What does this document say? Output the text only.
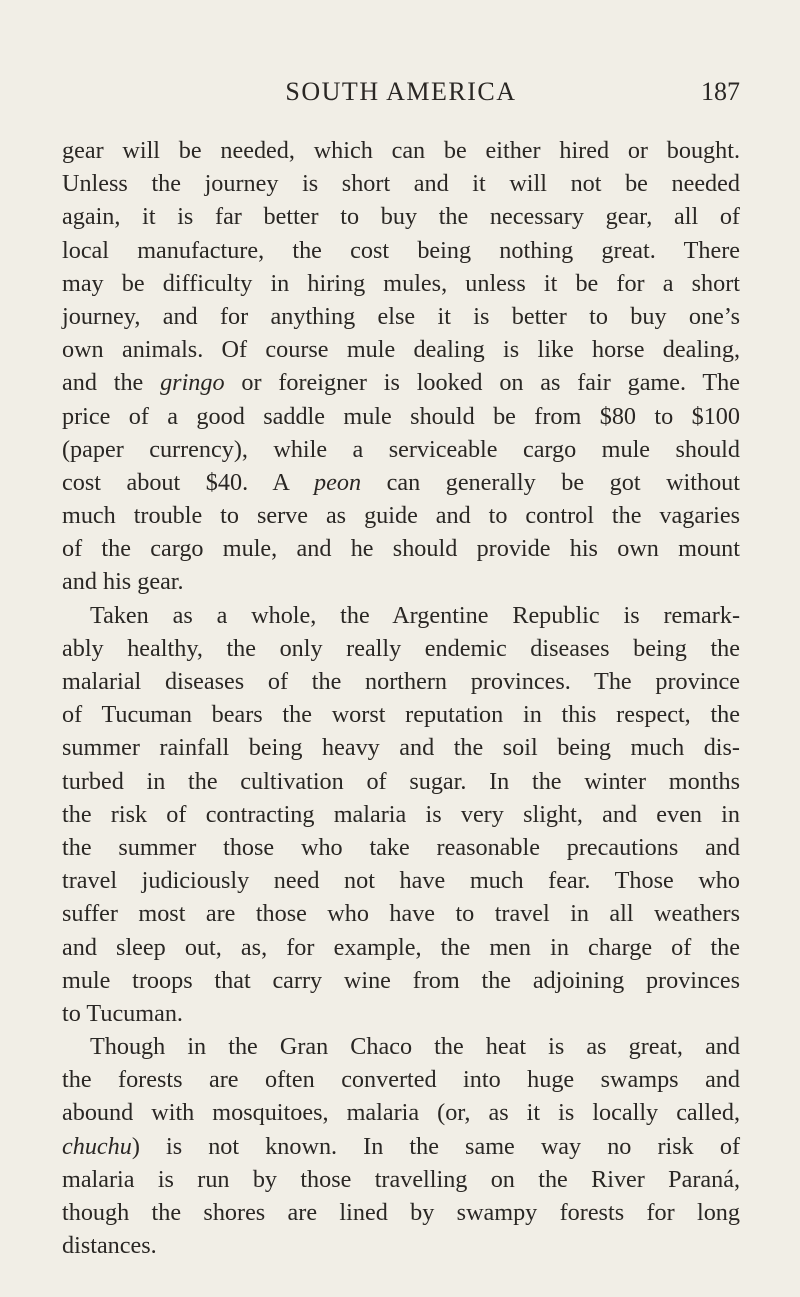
SOUTH AMERICA	187
gear will be needed, which can be either hired or bought.
Unless the journey is short and it will not be needed
again, it is far better to buy the necessary gear, all of
local manufacture, the cost being nothing great. There
may be difficulty in hiring mules, unless it be for a short
journey, and for anything else it is better to buy one’s
own animals. Of course mule dealing is like horse dealing,
and the gringo or foreigner is looked on as fair game. The
price of a good saddle mule should be from $80 to $100
(paper currency), while a serviceable cargo mule should
cost about $40. A peon can generally be got without
much trouble to serve as guide and to control the vagaries
of the cargo mule, and he should provide his own mount
and his gear.
Taken as a whole, the Argentine Republic is remark-
ably healthy, the only really endemic diseases being the
malarial diseases of the northern provinces. The province
of Tucuman bears the worst reputation in this respect, the
summer rainfall being heavy and the soil being much dis-
turbed in the cultivation of sugar. In the winter months
the risk of contracting malaria is very slight, and even in
the summer those who take reasonable precautions and
travel judiciously need not have much fear. Those who
suffer most are those who have to travel in all weathers
and sleep out, as, for example, the men in charge of the
mule troops that carry wine from the adjoining provinces
to Tucuman.
Though in the Gran Chaco the heat is as great, and
the forests are often converted into huge swamps and
abound with mosquitoes, malaria (or, as it is locally called,
chuchu) is not known. In the same way no risk of
malaria is run by those travelling on the River Paraná,
though the shores are lined by swampy forests for long
distances.
